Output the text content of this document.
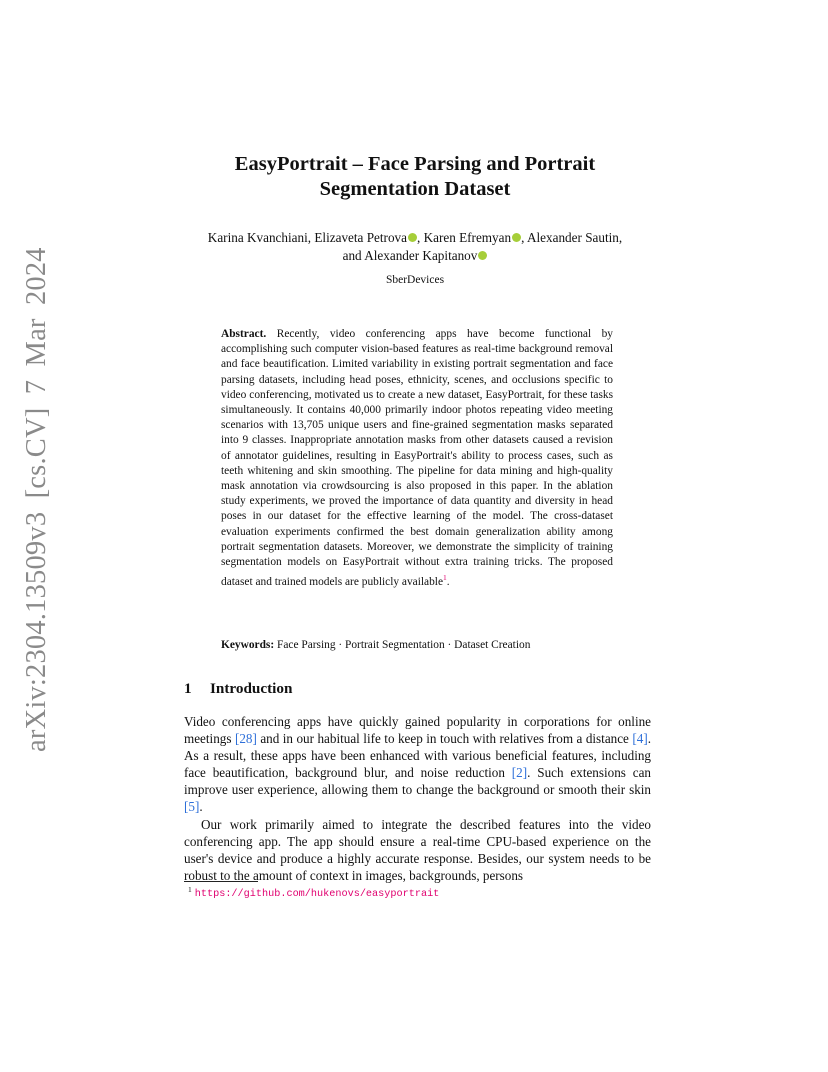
arXiv:2304.13509v3 [cs.CV] 7 Mar 2024
EasyPortrait – Face Parsing and Portrait
Segmentation Dataset
Karina Kvanchiani, Elizaveta Petrova , Karen Efremyan , Alexander Sautin,
and Alexander Kapitanov
SberDevices
Abstract. Recently, video conferencing apps have become functional by accomplishing such computer vision-based features as real-time background removal and face beautification. Limited variability in existing portrait segmentation and face parsing datasets, including head poses, ethnicity, scenes, and occlusions specific to video conferencing, motivated us to create a new dataset, EasyPortrait, for these tasks simultaneously. It contains 40,000 primarily indoor photos repeating video meeting scenarios with 13,705 unique users and fine-grained segmentation masks separated into 9 classes. Inappropriate annotation masks from other datasets caused a revision of annotator guidelines, resulting in EasyPortrait's ability to process cases, such as teeth whitening and skin smoothing. The pipeline for data mining and high-quality mask annotation via crowdsourcing is also proposed in this paper. In the ablation study experiments, we proved the importance of data quantity and diversity in head poses in our dataset for the effective learning of the model. The cross-dataset evaluation experiments confirmed the best domain generalization ability among portrait segmentation datasets. Moreover, we demonstrate the simplicity of training segmentation models on EasyPortrait without extra training tricks. The proposed dataset and trained models are publicly available$^1$.
Keywords: Face Parsing · Portrait Segmentation · Dataset Creation
1 Introduction

Video conferencing apps have quickly gained popularity in corporations for online meetings [28] and in our habitual life to keep in touch with relatives from a distance [4]. As a result, these apps have been enhanced with various beneficial features, including face beautification, background blur, and noise reduction [2]. Such extensions can improve user experience, allowing them to change the background or smooth their skin [5].

Our work primarily aimed to integrate the described features into the video conferencing app. The app should ensure a real-time CPU-based experience on the user's device and produce a highly accurate response. Besides, our system needs to be robust to the amount of context in images, backgrounds, persons

$^1$ https://github.com/hukenovs/easyportrait
